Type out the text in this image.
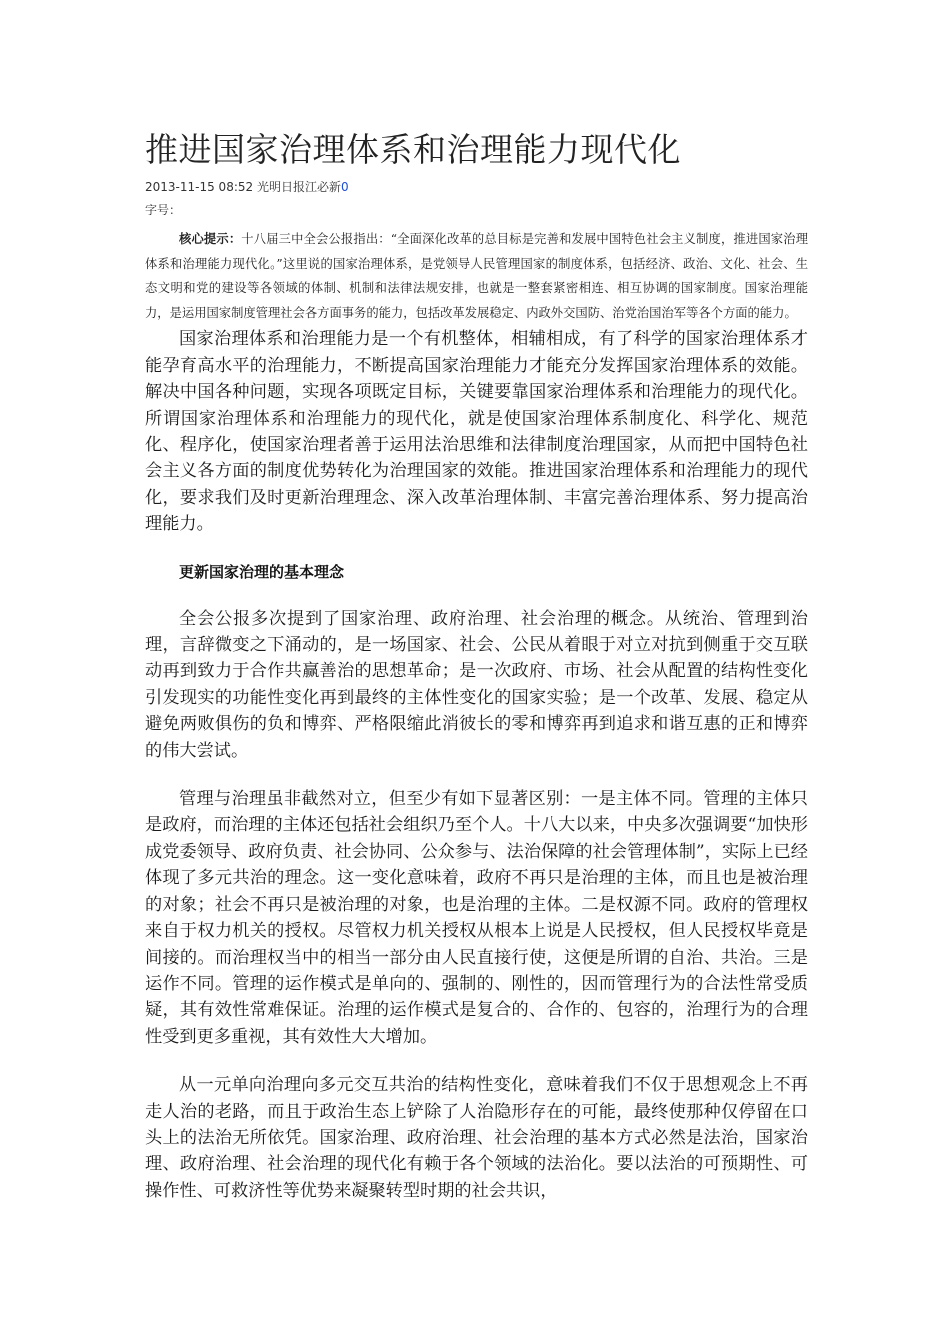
推进国家治理体系和治理能力现代化
2013-11-15 08:52 光明日报江必新0
字号：
核心提示：十八届三中全会公报指出：“全面深化改革的总目标是完善和发展中国特色社会主义制度，推进国家治理体系和治理能力现代化。”这里说的国家治理体系，是党领导人民管理国家的制度体系，包括经济、政治、文化、社会、生态文明和党的建设等各领域的体制、机制和法律法规安排，也就是一整套紧密相连、相互协调的国家制度。国家治理能力，是运用国家制度管理社会各方面事务的能力，包括改革发展稳定、内政外交国防、治党治国治军等各个方面的能力。

国家治理体系和治理能力是一个有机整体，相辅相成，有了科学的国家治理体系才能孕育高水平的治理能力，不断提高国家治理能力才能充分发挥国家治理体系的效能。解决中国各种问题，实现各项既定目标，关键要靠国家治理体系和治理能力的现代化。所谓国家治理体系和治理能力的现代化，就是使国家治理体系制度化、科学化、规范化、程序化，使国家治理者善于运用法治思维和法律制度治理国家，从而把中国特色社会主义各方面的制度优势转化为治理国家的效能。推进国家治理体系和治理能力的现代化，要求我们及时更新治理理念、深入改革治理体制、丰富完善治理体系、努力提高治理能力。

更新国家治理的基本理念

全会公报多次提到了国家治理、政府治理、社会治理的概念。从统治、管理到治理，言辞微变之下涌动的，是一场国家、社会、公民从着眼于对立对抗到侧重于交互联动再到致力于合作共赢善治的思想革命；是一次政府、市场、社会从配置的结构性变化引发现实的功能性变化再到最终的主体性变化的国家实验；是一个改革、发展、稳定从避免两败俱伤的负和博弈、严格限缩此消彼长的零和博弈再到追求和谐互惠的正和博弈的伟大尝试。

管理与治理虽非截然对立，但至少有如下显著区别：一是主体不同。管理的主体只是政府，而治理的主体还包括社会组织乃至个人。十八大以来，中央多次强调要“加快形成党委领导、政府负责、社会协同、公众参与、法治保障的社会管理体制”，实际上已经体现了多元共治的理念。这一变化意味着，政府不再只是治理的主体，而且也是被治理的对象；社会不再只是被治理的对象，也是治理的主体。二是权源不同。政府的管理权来自于权力机关的授权。尽管权力机关授权从根本上说是人民授权，但人民授权毕竟是间接的。而治理权当中的相当一部分由人民直接行使，这便是所谓的自治、共治。三是运作不同。管理的运作模式是单向的、强制的、刚性的，因而管理行为的合法性常受质疑，其有效性常难保证。治理的运作模式是复合的、合作的、包容的，治理行为的合理性受到更多重视，其有效性大大增加。

从一元单向治理向多元交互共治的结构性变化，意味着我们不仅于思想观念上不再走人治的老路，而且于政治生态上铲除了人治隐形存在的可能，最终使那种仅停留在口头上的法治无所依凭。国家治理、政府治理、社会治理的基本方式必然是法治，国家治理、政府治理、社会治理的现代化有赖于各个领域的法治化。要以法治的可预期性、可操作性、可救济性等优势来凝聚转型时期的社会共识，
